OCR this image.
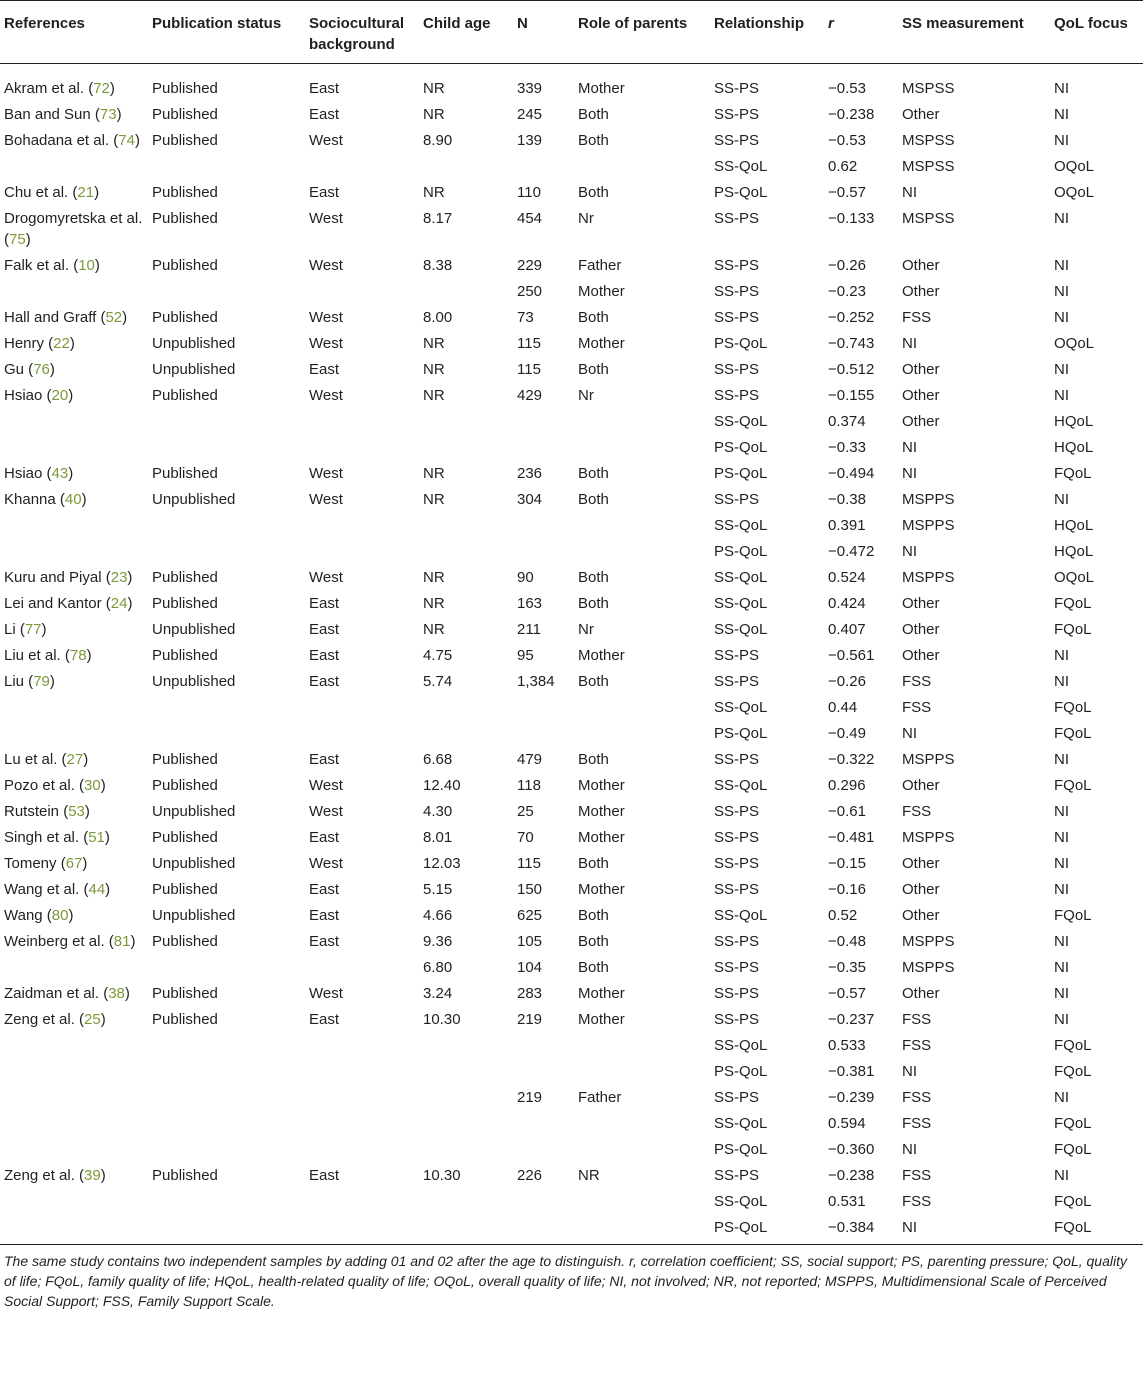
References	Publication status	Sociocultural background	Child age	N	Role of parents	Relationship	r	SS measurement	QoL focus
Akram et al. (72)	Published	East	NR	339	Mother	SS-PS	−0.53	MSPSS	NI
Ban and Sun (73)	Published	East	NR	245	Both	SS-PS	−0.238	Other	NI
Bohadana et al. (74)	Published	West	8.90	139	Both	SS-PS	−0.53	MSPSS	NI
						SS-QoL	0.62	MSPSS	OQoL
Chu et al. (21)	Published	East	NR	110	Both	PS-QoL	−0.57	NI	OQoL
Drogomyretska et al. (75)	Published	West	8.17	454	Nr	SS-PS	−0.133	MSPSS	NI
Falk et al. (10)	Published	West	8.38	229	Father	SS-PS	−0.26	Other	NI
				250	Mother	SS-PS	−0.23	Other	NI
Hall and Graff (52)	Published	West	8.00	73	Both	SS-PS	−0.252	FSS	NI
Henry (22)	Unpublished	West	NR	115	Mother	PS-QoL	−0.743	NI	OQoL
Gu (76)	Unpublished	East	NR	115	Both	SS-PS	−0.512	Other	NI
Hsiao (20)	Published	West	NR	429	Nr	SS-PS	−0.155	Other	NI
						SS-QoL	0.374	Other	HQoL
						PS-QoL	−0.33	NI	HQoL
Hsiao (43)	Published	West	NR	236	Both	PS-QoL	−0.494	NI	FQoL
Khanna (40)	Unpublished	West	NR	304	Both	SS-PS	−0.38	MSPPS	NI
						SS-QoL	0.391	MSPPS	HQoL
						PS-QoL	−0.472	NI	HQoL
Kuru and Piyal (23)	Published	West	NR	90	Both	SS-QoL	0.524	MSPPS	OQoL
Lei and Kantor (24)	Published	East	NR	163	Both	SS-QoL	0.424	Other	FQoL
Li (77)	Unpublished	East	NR	211	Nr	SS-QoL	0.407	Other	FQoL
Liu et al. (78)	Published	East	4.75	95	Mother	SS-PS	−0.561	Other	NI
Liu (79)	Unpublished	East	5.74	1,384	Both	SS-PS	−0.26	FSS	NI
						SS-QoL	0.44	FSS	FQoL
						PS-QoL	−0.49	NI	FQoL
Lu et al. (27)	Published	East	6.68	479	Both	SS-PS	−0.322	MSPPS	NI
Pozo et al. (30)	Published	West	12.40	118	Mother	SS-QoL	0.296	Other	FQoL
Rutstein (53)	Unpublished	West	4.30	25	Mother	SS-PS	−0.61	FSS	NI
Singh et al. (51)	Published	East	8.01	70	Mother	SS-PS	−0.481	MSPPS	NI
Tomeny (67)	Unpublished	West	12.03	115	Both	SS-PS	−0.15	Other	NI
Wang et al. (44)	Published	East	5.15	150	Mother	SS-PS	−0.16	Other	NI
Wang (80)	Unpublished	East	4.66	625	Both	SS-QoL	0.52	Other	FQoL
Weinberg et al. (81)	Published	East	9.36	105	Both	SS-PS	−0.48	MSPPS	NI
			6.80	104	Both	SS-PS	−0.35	MSPPS	NI
Zaidman et al. (38)	Published	West	3.24	283	Mother	SS-PS	−0.57	Other	NI
Zeng et al. (25)	Published	East	10.30	219	Mother	SS-PS	−0.237	FSS	NI
						SS-QoL	0.533	FSS	FQoL
						PS-QoL	−0.381	NI	FQoL
				219	Father	SS-PS	−0.239	FSS	NI
						SS-QoL	0.594	FSS	FQoL
						PS-QoL	−0.360	NI	FQoL
Zeng et al. (39)	Published	East	10.30	226	NR	SS-PS	−0.238	FSS	NI
						SS-QoL	0.531	FSS	FQoL
						PS-QoL	−0.384	NI	FQoL
The same study contains two independent samples by adding 01 and 02 after the age to distinguish. r, correlation coefficient; SS, social support; PS, parenting pressure; QoL, quality of life; FQoL, family quality of life; HQoL, health-related quality of life; OQoL, overall quality of life; NI, not involved; NR, not reported; MSPPS, Multidimensional Scale of Perceived Social Support; FSS, Family Support Scale.
